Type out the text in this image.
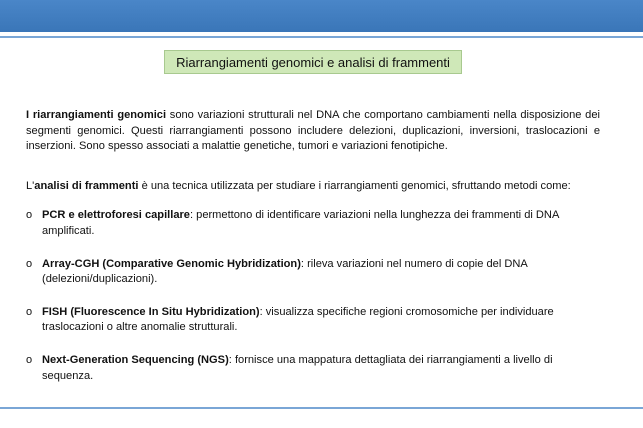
Riarrangiamenti genomici e analisi di frammenti

I riarrangiamenti genomici sono variazioni strutturali nel DNA che comportano cambiamenti nella disposizione dei segmenti genomici. Questi riarrangiamenti possono includere delezioni, duplicazioni, inversioni, traslocazioni e inserzioni. Sono spesso associati a malattie genetiche, tumori e variazioni fenotipiche.

L'analisi di frammenti è una tecnica utilizzata per studiare i riarrangiamenti genomici, sfruttando metodi come:

o PCR e elettroforesi capillare: permettono di identificare variazioni nella lunghezza dei frammenti di DNA amplificati.
o Array-CGH (Comparative Genomic Hybridization): rileva variazioni nel numero di copie del DNA (delezioni/duplicazioni).
o FISH (Fluorescence In Situ Hybridization): visualizza specifiche regioni cromosomiche per individuare traslocazioni o altre anomalie strutturali.
o Next-Generation Sequencing (NGS): fornisce una mappatura dettagliata dei riarrangiamenti a livello di sequenza.
